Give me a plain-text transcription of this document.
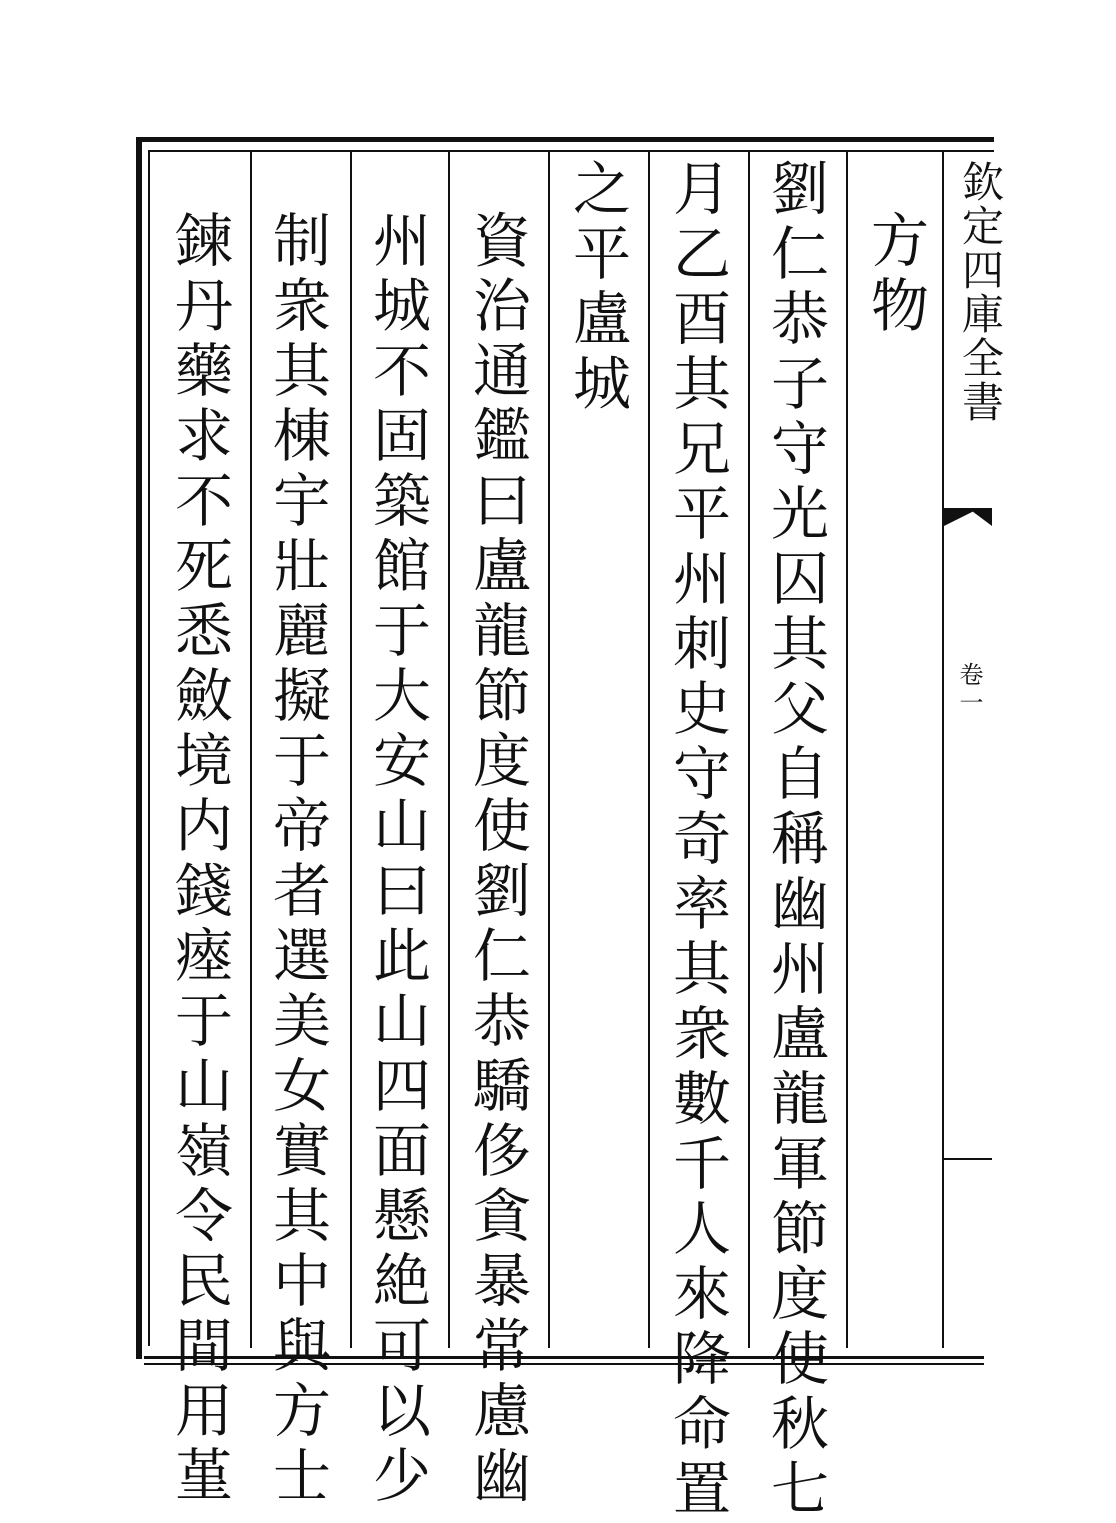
方物
劉仁恭子守光囚其父自稱幽州盧龍軍節度使秋七
月乙酉其兄平州刺史守奇率其衆數千人來降命置
之平盧城
資治通鑑曰盧龍節度使劉仁恭驕侈貪暴常慮幽
州城不固築館于大安山曰此山四面懸絶可以少
制衆其棟宇壯麗擬于帝者選美女實其中與方士
鍊丹藥求不死悉斂境内錢瘞于山嶺令民間用堇	欽定四庫全書
卷一
